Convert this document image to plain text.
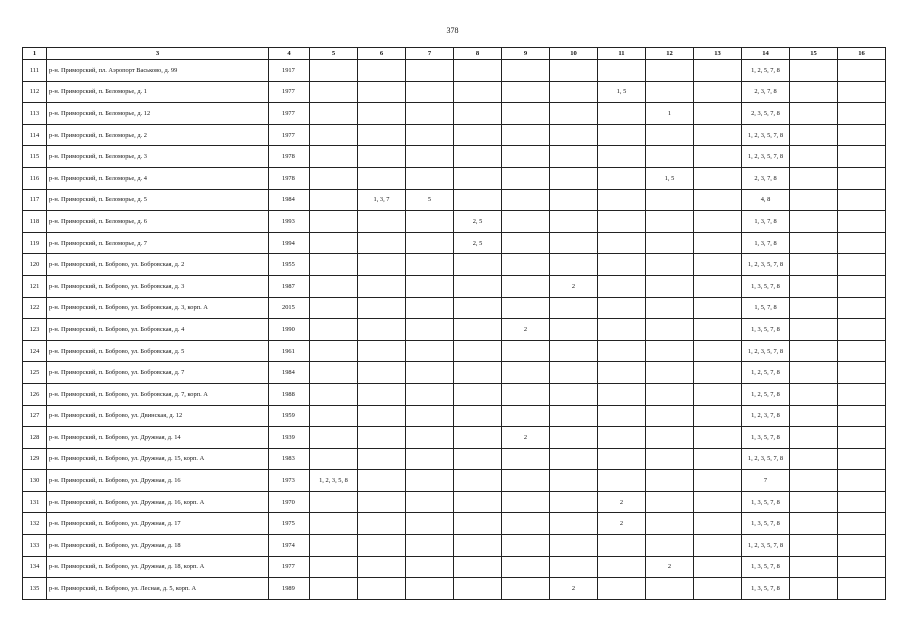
378
1	3	4	5	6	7	8	9	10	11	12	13	14	15	16
111	р-н. Приморский, пл. Аэропорт Васьково, д. 99	1917										1, 2, 5, 7, 8		
112	р-н. Приморский, п. Беломорье, д. 1	1977							1, 5			2, 3, 7, 8		
113	р-н. Приморский, п. Беломорье, д. 12	1977								1		2, 3, 5, 7, 8		
114	р-н. Приморский, п. Беломорье, д. 2	1977										1, 2, 3, 5, 7, 8		
115	р-н. Приморский, п. Беломорье, д. 3	1978										1, 2, 3, 5, 7, 8		
116	р-н. Приморский, п. Беломорье, д. 4	1978								1, 5		2, 3, 7, 8		
117	р-н. Приморский, п. Беломорье, д. 5	1984		1, 3, 7	5							4, 8		
118	р-н. Приморский, п. Беломорье, д. 6	1993				2, 5						1, 3, 7, 8		
119	р-н. Приморский, п. Беломорье, д. 7	1994				2, 5						1, 3, 7, 8		
120	р-н. Приморский, п. Боброво, ул. Бобровская, д. 2	1955										1, 2, 3, 5, 7, 8		
121	р-н. Приморский, п. Боброво, ул. Бобровская, д. 3	1987						2				1, 3, 5, 7, 8		
122	р-н. Приморский, п. Боброво, ул. Бобровская, д. 3, корп. А	2015										1, 5, 7, 8		
123	р-н. Приморский, п. Боброво, ул. Бобровская, д. 4	1990					2					1, 3, 5, 7, 8		
124	р-н. Приморский, п. Боброво, ул. Бобровская, д. 5	1961										1, 2, 3, 5, 7, 8		
125	р-н. Приморский, п. Боброво, ул. Бобровская, д. 7	1984										1, 2, 5, 7, 8		
126	р-н. Приморский, п. Боброво, ул. Бобровская, д. 7, корп. А	1988										1, 2, 5, 7, 8		
127	р-н. Приморский, п. Боброво, ул. Двинская, д. 12	1959										1, 2, 3, 7, 8		
128	р-н. Приморский, п. Боброво, ул. Дружная, д. 14	1939					2					1, 3, 5, 7, 8		
129	р-н. Приморский, п. Боброво, ул. Дружная, д. 15, корп. А	1983										1, 2, 3, 5, 7, 8		
130	р-н. Приморский, п. Боброво, ул. Дружная, д. 16	1973	1, 2, 3, 5, 8									7		
131	р-н. Приморский, п. Боброво, ул. Дружная, д. 16, корп. А	1970							2			1, 3, 5, 7, 8		
132	р-н. Приморский, п. Боброво, ул. Дружная, д. 17	1975							2			1, 3, 5, 7, 8		
133	р-н. Приморский, п. Боброво, ул. Дружная, д. 18	1974										1, 2, 3, 5, 7, 8		
134	р-н. Приморский, п. Боброво, ул. Дружная, д. 18, корп. А	1977								2		1, 3, 5, 7, 8		
135	р-н. Приморский, п. Боброво, ул. Лесная, д. 5, корп. А	1989						2				1, 3, 5, 7, 8		
